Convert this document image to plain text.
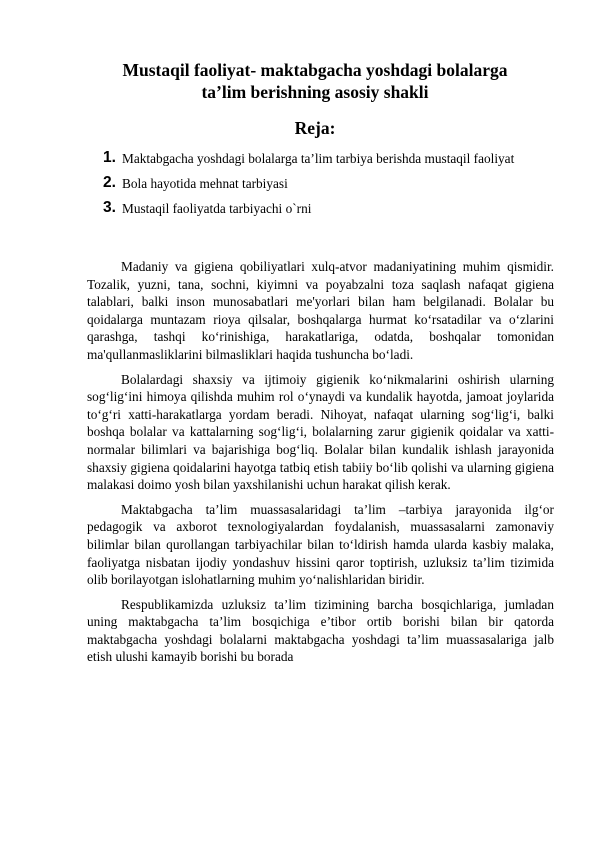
Mustaqil faoliyat- maktabgacha yoshdagi bolalarga
ta’lim berishning asosiy shakli
Reja:
1. Maktabgacha yoshdagi bolalarga ta’lim tarbiya berishda mustaqil faoliyat
2. Bola hayotida mehnat tarbiyasi
3. Mustaqil faoliyatda tarbiyachi o`rni

Madaniy va gigiena qobiliyatlari xulq-atvor madaniyatining muhim qismidir. Tozalik, yuzni, tana, sochni, kiyimni va poyabzalni toza saqlash nafaqat gigiena talablari, balki inson munosabatlari me'yorlari bilan ham belgilanadi. Bolalar bu qoidalarga muntazam rioya qilsalar, boshqalarga hurmat ko‘rsatadilar va o‘zlarini qarashga, tashqi ko‘rinishiga, harakatlariga, odatda, boshqalar tomonidan ma'qullanmasliklarini bilmasliklari haqida tushuncha bo‘ladi.

Bolalardagi shaxsiy va ijtimoiy gigienik ko‘nikmalarini oshirish ularning sog‘lig‘ini himoya qilishda muhim rol o‘ynaydi va kundalik hayotda, jamoat joylarida to‘g‘ri xatti-harakatlarga yordam beradi. Nihoyat, nafaqat ularning sog‘lig‘i, balki boshqa bolalar va kattalarning sog‘lig‘i, bolalarning zarur gigienik qoidalar va xatti-normalar bilimlari va bajarishiga bog‘liq. Bolalar bilan kundalik ishlash jarayonida shaxsiy gigiena qoidalarini hayotga tatbiq etish tabiiy bo‘lib qolishi va ularning gigiena malakasi doimo yosh bilan yaxshilanishi uchun harakat qilish kerak.

Maktabgacha ta’lim muassasalaridagi ta’lim –tarbiya jarayonida ilg‘or pedagogik va axborot texnologiyalardan foydalanish, muassasalarni zamonaviy bilimlar bilan qurollangan tarbiyachilar bilan to‘ldirish hamda ularda kasbiy malaka, faoliyatga nisbatan ijodiy yondashuv hissini qaror toptirish, uzluksiz ta’lim tizimida olib borilayotgan islohatlarning muhim yo‘nalishlaridan biridir.

Respublikamizda uzluksiz ta’lim tizimining barcha bosqichlariga, jumladan uning maktabgacha ta’lim bosqichiga e’tibor ortib borishi bilan bir qatorda maktabgacha yoshdagi bolalarni maktabgacha yoshdagi ta’lim muassasalariga jalb etish ulushi kamayib borishi bu borada
